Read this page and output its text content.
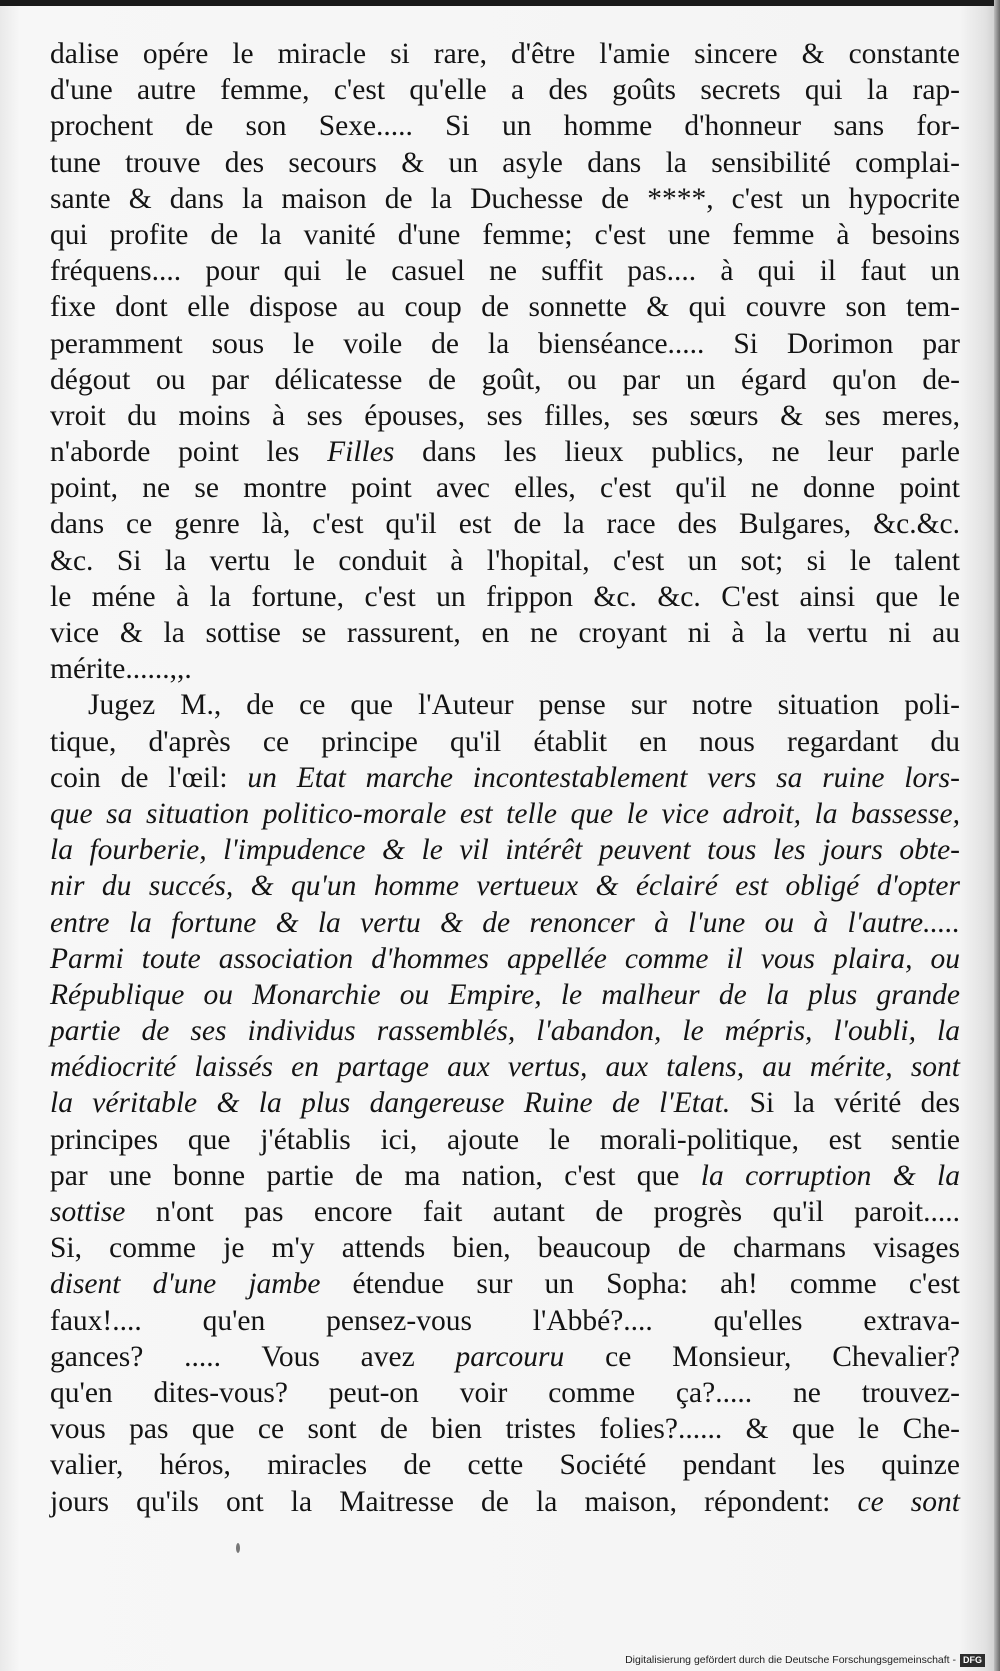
dalise opére le miracle si rare, d'être l'amie sincere & constante
d'une autre femme, c'est qu'elle a des goûts secrets qui la rap-
prochent de son Sexe..... Si un homme d'honneur sans for-
tune trouve des secours & un asyle dans la sensibilité complai-
sante & dans la maison de la Duchesse de ****, c'est un hypocrite
qui profite de la vanité d'une femme; c'est une femme à besoins
fréquens.... pour qui le casuel ne suffit pas.... à qui il faut un
fixe dont elle dispose au coup de sonnette & qui couvre son tem-
peramment sous le voile de la bienséance..... Si Dorimon par
dégout ou par délicatesse de goût, ou par un égard qu'on de-
vroit du moins à ses épouses, ses filles, ses sœurs & ses meres,
n'aborde point les Filles dans les lieux publics, ne leur parle
point, ne se montre point avec elles, c'est qu'il ne donne point
dans ce genre là, c'est qu'il est de la race des Bulgares, &c.&c.
&c. Si la vertu le conduit à l'hopital, c'est un sot; si le talent
le méne à la fortune, c'est un frippon &c. &c. C'est ainsi que le
vice & la sottise se rassurent, en ne croyant ni à la vertu ni au
mérite......,,.
Jugez M., de ce que l'Auteur pense sur notre situation poli-
tique, d'après ce principe qu'il établit en nous regardant du
coin de l'œil: un Etat marche incontestablement vers sa ruine lors-
que sa situation politico-morale est telle que le vice adroit, la bassesse,
la fourberie, l'impudence & le vil intérêt peuvent tous les jours obte-
nir du succés, & qu'un homme vertueux & éclairé est obligé d'opter
entre la fortune & la vertu & de renoncer à l'une ou à l'autre.....
Parmi toute association d'hommes appellée comme il vous plaira, ou
République ou Monarchie ou Empire, le malheur de la plus grande
partie de ses individus rassemblés, l'abandon, le mépris, l'oubli, la
médiocrité laissés en partage aux vertus, aux talens, au mérite, sont
la véritable & la plus dangereuse Ruine de l'Etat. Si la vérité des
principes que j'établis ici, ajoute le morali-politique, est sentie
par une bonne partie de ma nation, c'est que la corruption & la
sottise n'ont pas encore fait autant de progrès qu'il paroit.....
Si, comme je m'y attends bien, beaucoup de charmans visages
disent d'une jambe étendue sur un Sopha: ah! comme c'est
faux!.... qu'en pensez-vous l'Abbé?.... qu'elles extrava-
gances? ..... Vous avez parcouru ce Monsieur, Chevalier?
qu'en dites-vous? peut-on voir comme ça?..... ne trouvez-
vous pas que ce sont de bien tristes folies?...... & que le Che-
valier, héros, miracles de cette Société pendant les quinze
jours qu'ils ont la Maitresse de la maison, répondent: ce sont
Digitalisierung gefördert durch die Deutsche Forschungsgemeinschaft - DFG
